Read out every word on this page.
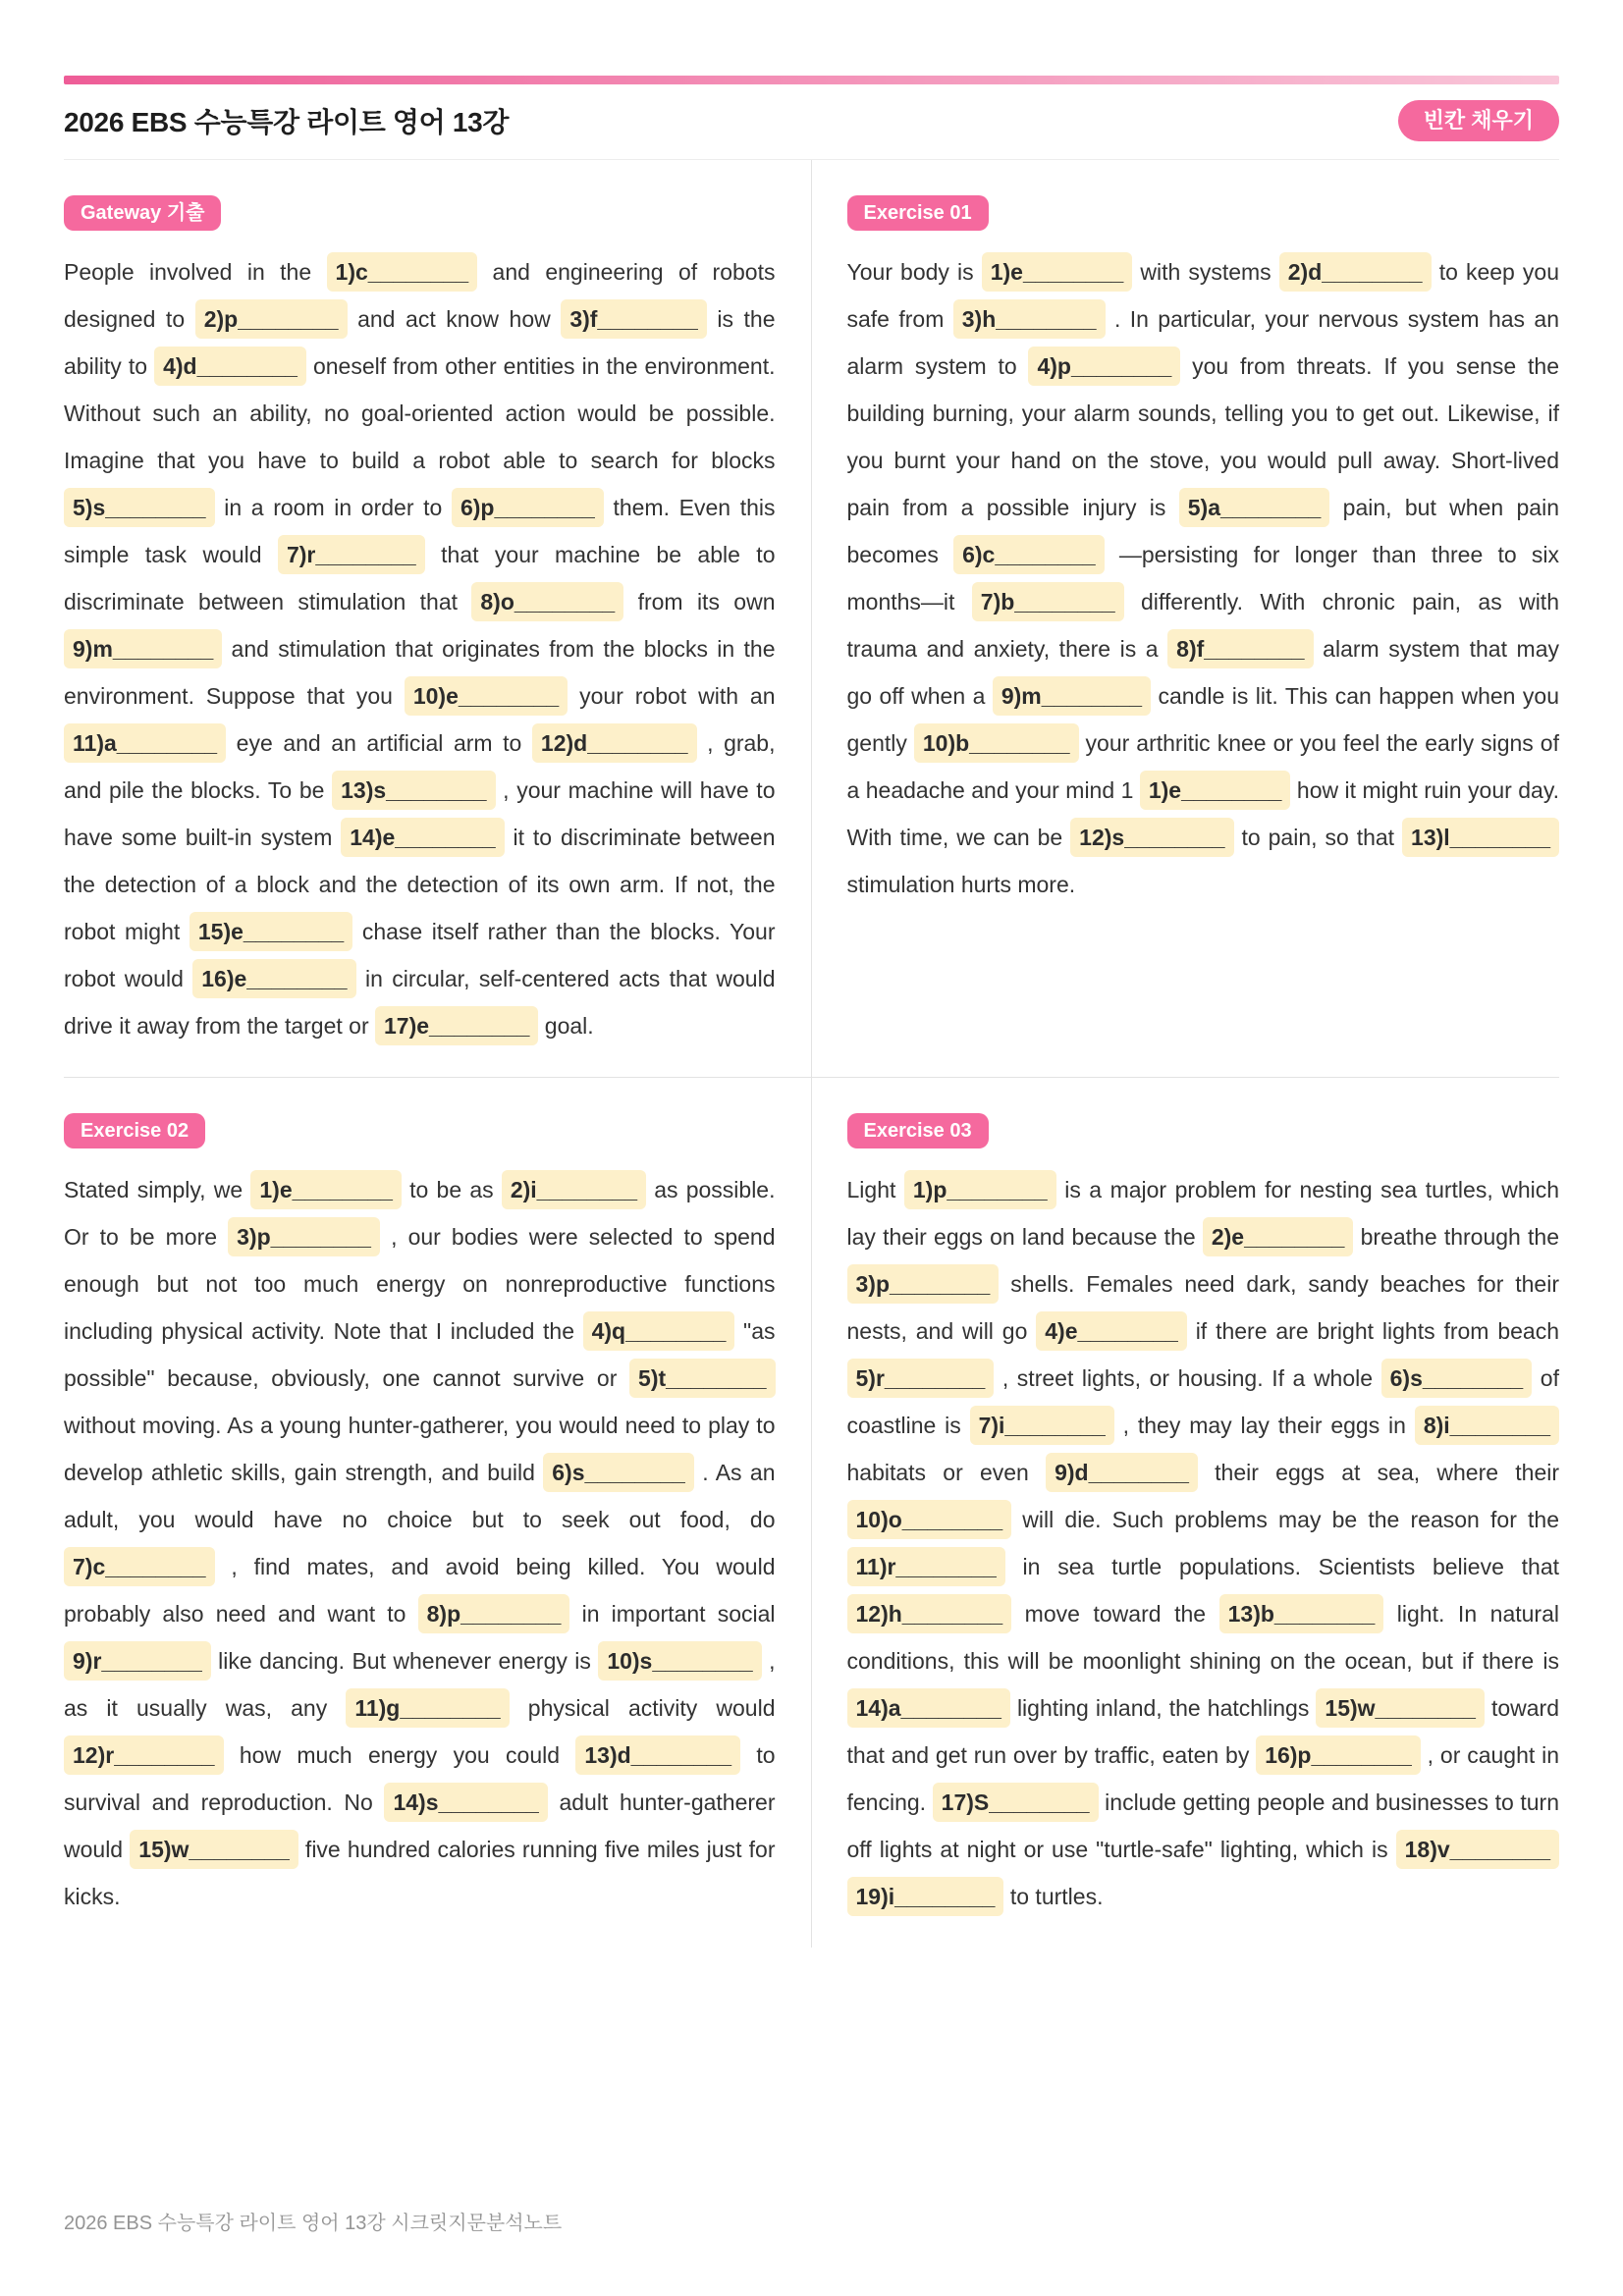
2026 EBS 수능특강 라이트 영어 13강	빈칸 채우기
Gateway 기출

People involved in the 1)c________ and engineering of robots designed to 2)p________ and act know how 3)f________ is the ability to 4)d________ oneself from other entities in the environment. Without such an ability, no goal-oriented action would be possible. Imagine that you have to build a robot able to search for blocks 5)s________ in a room in order to 6)p________ them. Even this simple task would 7)r________ that your machine be able to discriminate between stimulation that 8)o________ from its own 9)m________ and stimulation that originates from the blocks in the environment. Suppose that you 10)e________ your robot with an 11)a________ eye and an artificial arm to 12)d________ , grab, and pile the blocks. To be 13)s________ , your machine will have to have some built-in system 14)e________ it to discriminate between the detection of a block and the detection of its own arm. If not, the robot might 15)e________ chase itself rather than the blocks. Your robot would 16)e________ in circular, self-centered acts that would drive it away from the target or 17)e________ goal.

Exercise 01

Your body is 1)e________ with systems 2)d________ to keep you safe from 3)h________ . In particular, your nervous system has an alarm system to 4)p________ you from threats. If you sense the building burning, your alarm sounds, telling you to get out. Likewise, if you burnt your hand on the stove, you would pull away. Short-lived pain from a possible injury is 5)a________ pain, but when pain becomes 6)c________ —persisting for longer than three to six months—it 7)b________ differently. With chronic pain, as with trauma and anxiety, there is a 8)f________ alarm system that may go off when a 9)m________ candle is lit. This can happen when you gently 10)b________ your arthritic knee or you feel the early signs of a headache and your mind 1 1)e________ how it might ruin your day. With time, we can be 12)s________ to pain, so that 13)l________ stimulation hurts more.

Exercise 02

Stated simply, we 1)e________ to be as 2)i________ as possible. Or to be more 3)p________ , our bodies were selected to spend enough but not too much energy on nonreproductive functions including physical activity. Note that I included the 4)q________ "as possible" because, obviously, one cannot survive or 5)t________ without moving. As a young hunter-gatherer, you would need to play to develop athletic skills, gain strength, and build 6)s________ . As an adult, you would have no choice but to seek out food, do 7)c________ , find mates, and avoid being killed. You would probably also need and want to 8)p________ in important social 9)r________ like dancing. But whenever energy is 10)s________ , as it usually was, any 11)g________ physical activity would 12)r________ how much energy you could 13)d________ to survival and reproduction. No 14)s________ adult hunter-gatherer would 15)w________ five hundred calories running five miles just for kicks.

Exercise 03

Light 1)p________ is a major problem for nesting sea turtles, which lay their eggs on land because the 2)e________ breathe through the 3)p________ shells. Females need dark, sandy beaches for their nests, and will go 4)e________ if there are bright lights from beach 5)r________ , street lights, or housing. If a whole 6)s________ of coastline is 7)i________ , they may lay their eggs in 8)i________ habitats or even 9)d________ their eggs at sea, where their 10)o________ will die. Such problems may be the reason for the 11)r________ in sea turtle populations. Scientists believe that 12)h________ move toward the 13)b________ light. In natural conditions, this will be moonlight shining on the ocean, but if there is 14)a________ lighting inland, the hatchlings 15)w________ toward that and get run over by traffic, eaten by 16)p________ , or caught in fencing. 17)S________ include getting people and businesses to turn off lights at night or use "turtle-safe" lighting, which is 18)v________ 19)i________ to turtles.

2026 EBS 수능특강 라이트 영어 13강 시크릿지문분석노트
